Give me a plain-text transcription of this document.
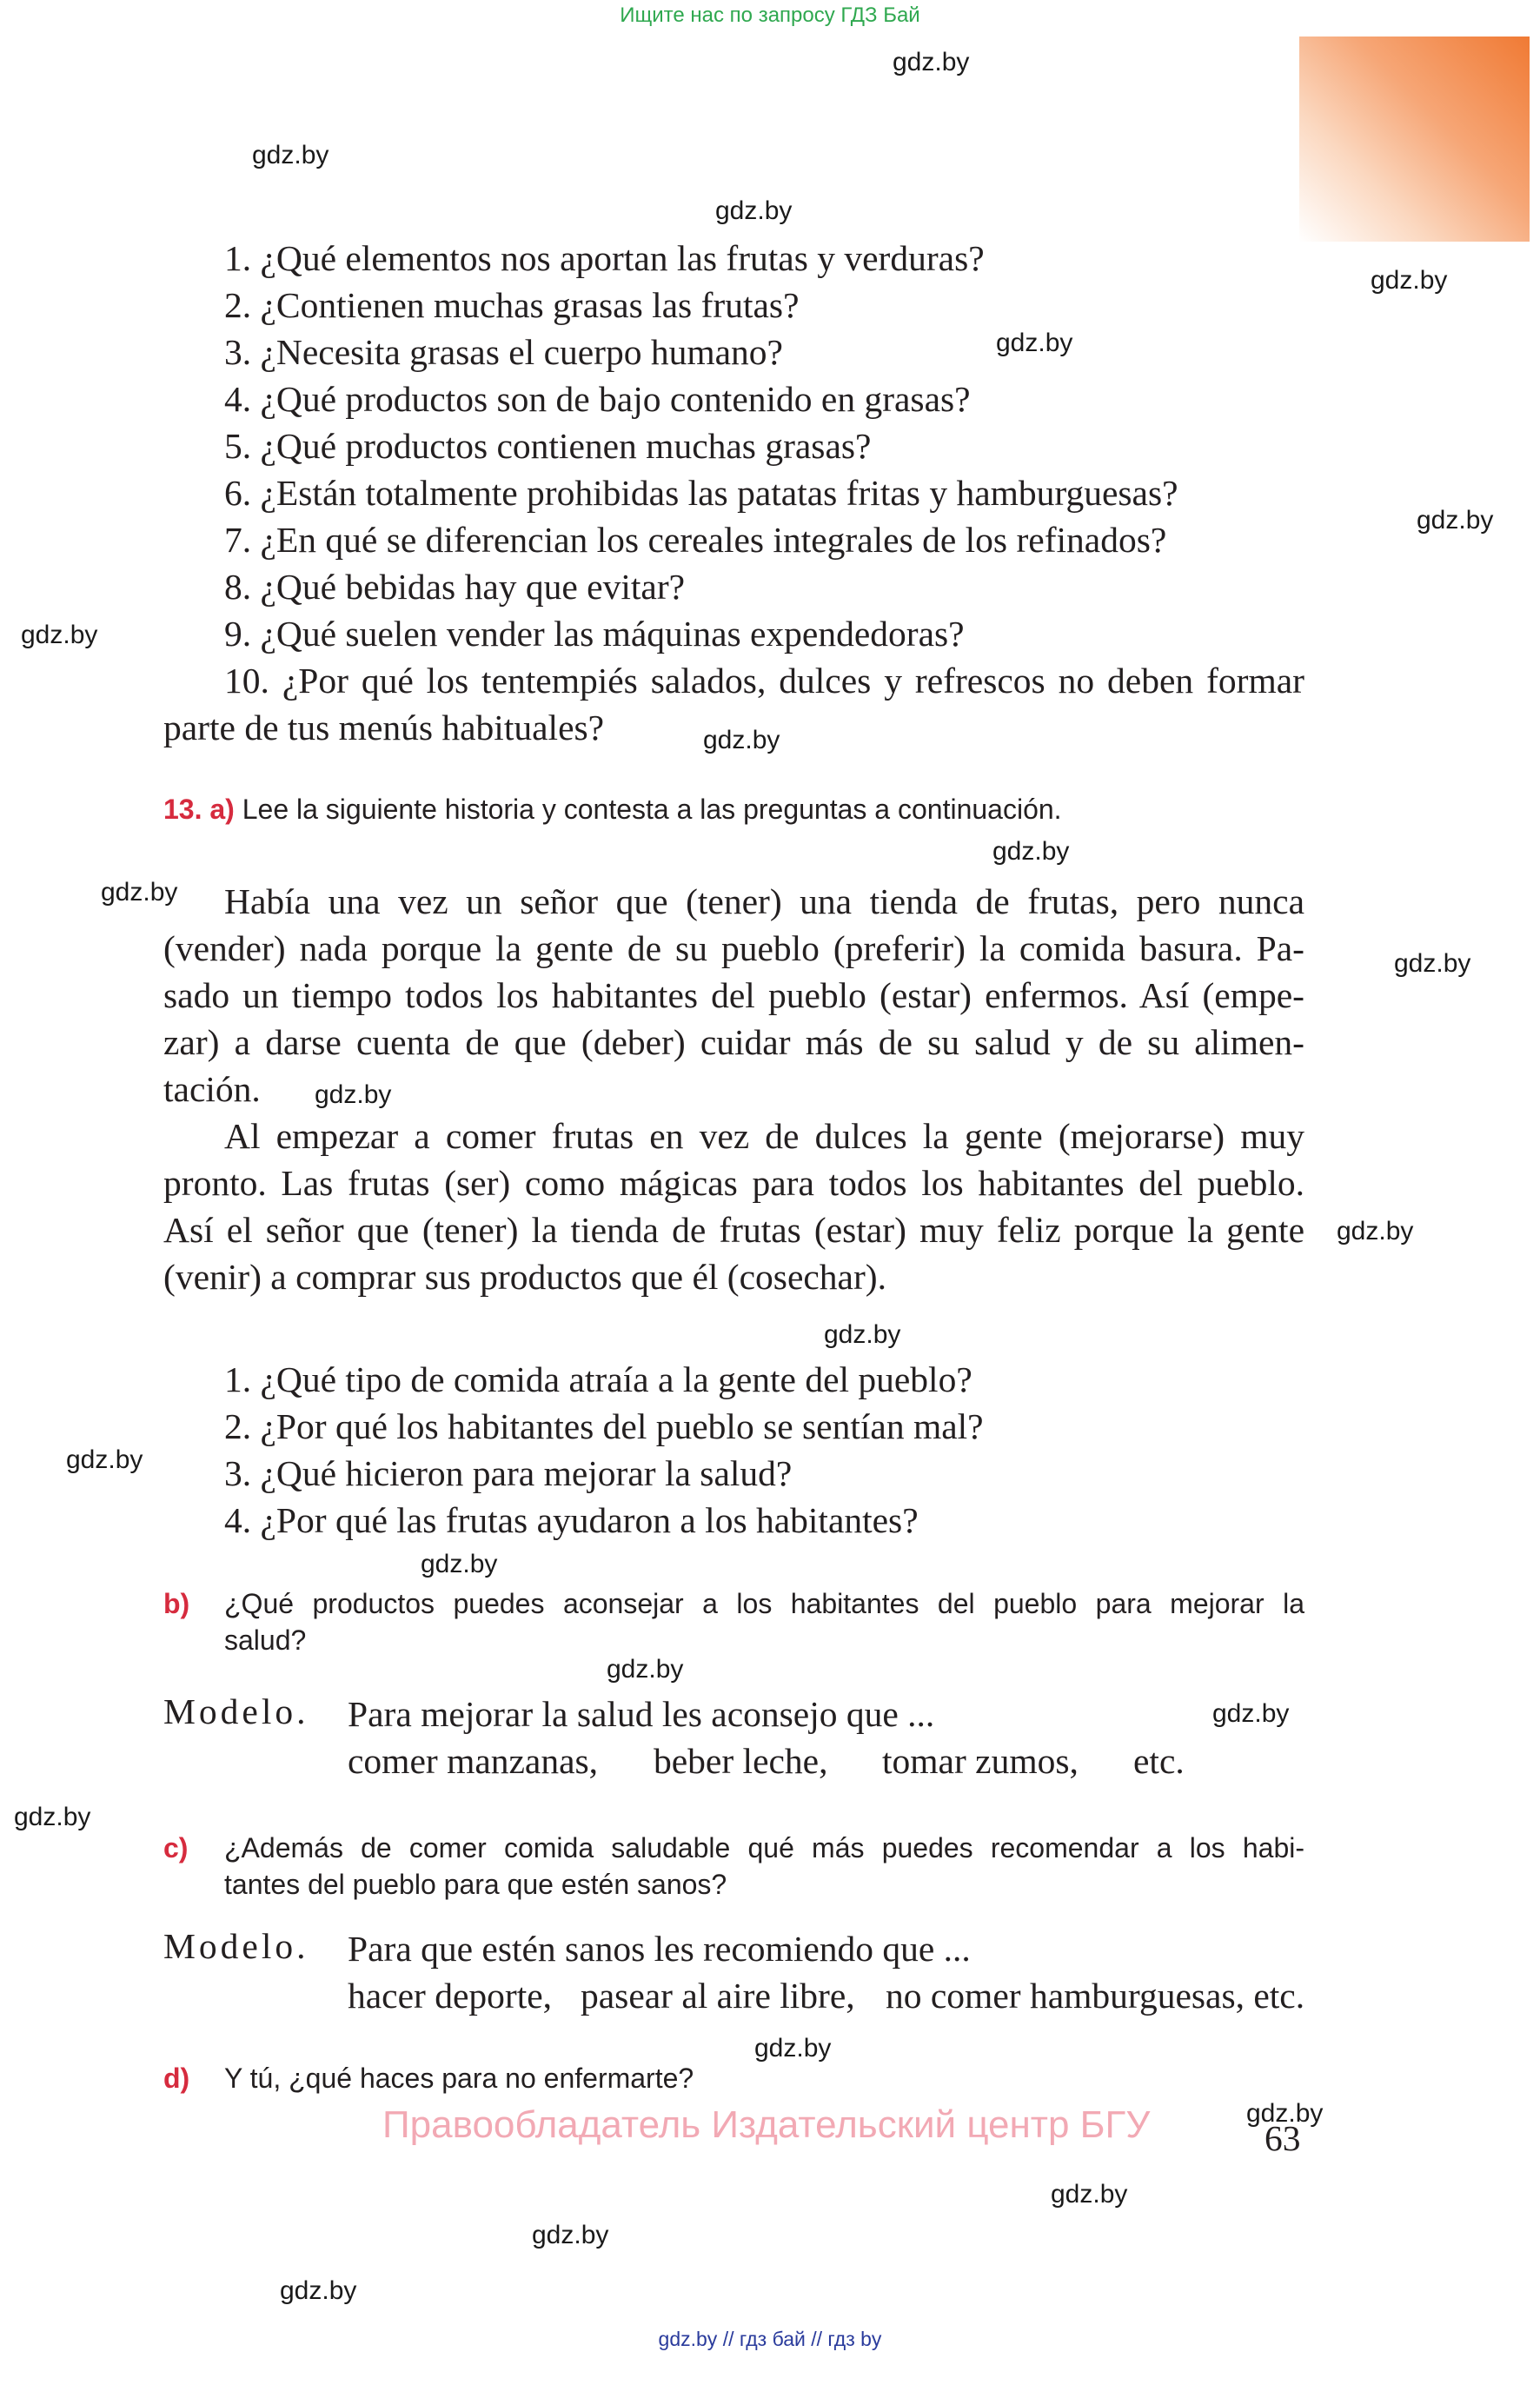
Ищите нас по запросу ГДЗ Бай
gdz.by
gdz.by
gdz.by
gdz.by
gdz.by
gdz.by
gdz.by
gdz.by
gdz.by
gdz.by
gdz.by
gdz.by
gdz.by
gdz.by
gdz.by
gdz.by
gdz.by
gdz.by
gdz.by
gdz.by
gdz.by
gdz.by
gdz.by
gdz.by
1. ¿Qué elementos nos aportan las frutas y verduras?
2. ¿Contienen muchas grasas las frutas?
3. ¿Necesita grasas el cuerpo humano?
4. ¿Qué productos son de bajo contenido en grasas?
5. ¿Qué productos contienen muchas grasas?
6. ¿Están totalmente prohibidas las patatas fritas y hamburguesas?
7. ¿En qué se diferencian los cereales integrales de los refinados?
8. ¿Qué bebidas hay que evitar?
9. ¿Qué suelen vender las máquinas expendedoras?
10. ¿Por qué los tentempiés salados, dulces y refrescos no deben formar
parte de tus menús habituales?
13. a) Lee la siguiente historia y contesta a las preguntas a continuación.
Había una vez un señor que (tener) una tienda de frutas, pero nunca
(vender) nada porque la gente de su pueblo (preferir) la comida basura. Pa-
sado un tiempo todos los habitantes del pueblo (estar) enfermos. Así (empe-
zar) a darse cuenta de que (deber) cuidar más de su salud y de su alimen-
tación.
Al empezar a comer frutas en vez de dulces la gente (mejorarse) muy
pronto. Las frutas (ser) como mágicas para todos los habitantes del pueblo.
Así el señor que (tener) la tienda de frutas (estar) muy feliz porque la gente
(venir) a comprar sus productos que él (cosechar).
1. ¿Qué tipo de comida atraía a la gente del pueblo?
2. ¿Por qué los habitantes del pueblo se sentían mal?
3. ¿Qué hicieron para mejorar la salud?
4. ¿Por qué las frutas ayudaron a los habitantes?
b) ¿Qué productos puedes aconsejar a los habitantes del pueblo para mejorar la
salud?
Modelo. Para mejorar la salud les aconsejo que ...
comer manzanas, beber leche, tomar zumos, etc.
c) ¿Además de comer comida saludable qué más puedes recomendar a los habi-
tantes del pueblo para que estén sanos?
Modelo. Para que estén sanos les recomiendo que ...
hacer deporte, pasear al aire libre, no comer hamburguesas, etc.
d) Y tú, ¿qué haces para no enfermarte?
Правообладатель Издательский центр БГУ	63
gdz.by // гдз бай // гдз by
